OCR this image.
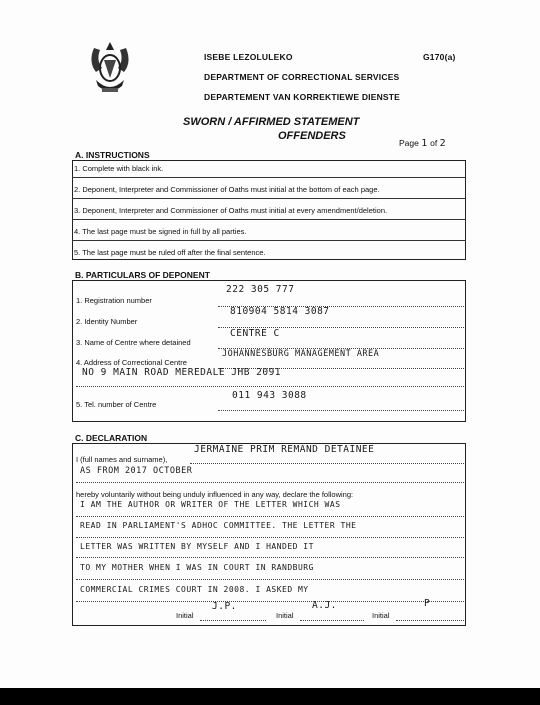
ISEBE LEZOLULEKO	G170(a)
DEPARTMENT OF CORRECTIONAL SERVICES
DEPARTEMENT VAN KORREKTIEWE DIENSTE
SWORN / AFFIRMED STATEMENT
OFFENDERS
Page 1 of 2
A. INSTRUCTIONS
1. Complete with black ink.
2. Deponent, Interpreter and Commissioner of Oaths must initial at the bottom of each page.
3. Deponent, Interpreter and Commissioner of Oaths must initial at every amendment/deletion.
4. The last page must be signed in full by all parties.
5. The last page must be ruled off after the final sentence.
B. PARTICULARS OF DEPONENT
1. Registration number
222 305 777
2. Identity Number
810904 5814 3087
3. Name of Centre where detained
CENTRE C
4. Address of Correctional Centre
JOHANNESBURG MANAGEMENT AREA
NO 9 MAIN ROAD MEREDALE JHB 2091
5. Tel. number of Centre
011 943 3088
C. DECLARATION
I (full names and surname),
JERMAINE PRIM REMAND DETAINEE
AS FROM 2017 OCTOBER
hereby voluntarily without being unduly influenced in any way, declare the following:
I AM THE AUTHOR OR WRITER OF THE LETTER WHICH WAS
READ IN PARLIAMENT'S ADHOC COMMITTEE. THE LETTER THE
LETTER WAS WRITTEN BY MYSELF AND I HANDED IT
TO MY MOTHER WHEN I WAS IN COURT IN RANDBURG
COMMERCIAL CRIMES COURT IN 2008. I ASKED MY
Initial
J.P.
Initial
A.J.
Initial
P
